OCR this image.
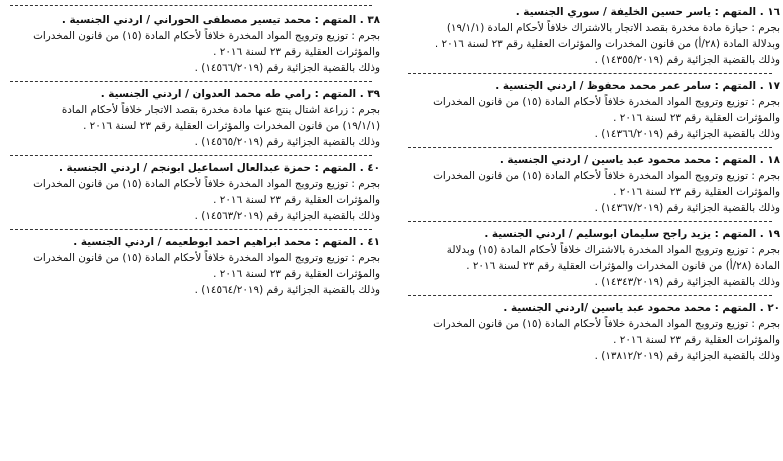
١٦ . المتهم : ياسر حسين الخليفة / سوري الجنسية .
بجرم : حيازة مادة مخدرة بقصد الاتجار بالاشتراك خلافاً لأحكام المادة (١٩/١/١)
وبدلالة المادة (٢٨/أ) من قانون المخدرات والمؤثرات العقلية رقم ٢٣ لسنة ٢٠١٦ .
وذلك بالقضية الجزائية رقم (١٤٣٥٥/٢٠١٩) .
١٧ . المتهم : سامر عمر محمد محفوظ / اردني الجنسية .
بجرم : توزيع وترويج المواد المخدرة خلافاً لأحكام المادة (١٥) من قانون المخدرات
والمؤثرات العقلية رقم ٢٣ لسنة ٢٠١٦ .
وذلك بالقضية الجزائية رقم (١٤٣٦٦/٢٠١٩) .
١٨ . المتهم : محمد محمود عبد ياسين / اردني الجنسية .
بجرم : توزيع وترويج المواد المخدرة خلافاً لأحكام المادة (١٥) من قانون المخدرات
والمؤثرات العقلية رقم ٢٣ لسنة ٢٠١٦ .
وذلك بالقضية الجزائية رقم (١٤٣٦٧/٢٠١٩) .
١٩ . المتهم : يزيد راجح سليمان ابوسليم / اردني الجنسية .
بجرم : توزيع وترويج المواد المخدرة بالاشتراك خلافاً لأحكام المادة (١٥) وبدلالة
المادة (٢٨/أ) من قانون المخدرات والمؤثرات العقلية رقم ٢٣ لسنة ٢٠١٦ .
وذلك بالقضية الجزائية رقم (١٤٣٤٣/٢٠١٩) .
٢٠ . المتهم : محمد محمود عبد ياسين /اردني الجنسية .
بجرم : توزيع وترويج المواد المخدرة خلافاً لأحكام المادة (١٥) من قانون المخدرات
والمؤثرات العقلية رقم ٢٣ لسنة ٢٠١٦ .
وذلك بالقضية الجزائية رقم (١٣٨١٢/٢٠١٩) .
٣٨ . المتهم : محمد تيسير مصطفى الحوراني / اردني الجنسية .
بجرم : توزيع وترويج المواد المخدرة خلافاً لأحكام المادة (١٥) من قانون المخدرات
والمؤثرات العقلية رقم ٢٣ لسنة ٢٠١٦ .
وذلك بالقضية الجزائية رقم (١٤٥٦٦/٢٠١٩) .
٣٩ . المتهم : رامي طه محمد العدوان / اردني الجنسية .
بجرم : زراعة اشتال ينتج عنها مادة مخدرة بقصد الاتجار خلافاً لأحكام المادة
(١٩/١/١) من قانون المخدرات والمؤثرات العقلية رقم ٢٣ لسنة ٢٠١٦ .
وذلك بالقضية الجزائية رقم (١٤٥٦٥/٢٠١٩) .
٤٠ . المتهم : حمزة عبدالعال اسماعيل ابونجم / اردني الجنسية .
بجرم : توزيع وترويج المواد المخدرة خلافاً لأحكام المادة (١٥) من قانون المخدرات
والمؤثرات العقلية رقم ٢٣ لسنة ٢٠١٦ .
وذلك بالقضية الجزائية رقم (١٤٥٦٣/٢٠١٩) .
٤١ . المتهم : محمد ابراهيم احمد ابوطعيمه / اردني الجنسية .
بجرم : توزيع وترويج المواد المخدرة خلافاً لأحكام المادة (١٥) من قانون المخدرات
والمؤثرات العقلية رقم ٢٣ لسنة ٢٠١٦ .
وذلك بالقضية الجزائية رقم (١٤٥٦٤/٢٠١٩) .
